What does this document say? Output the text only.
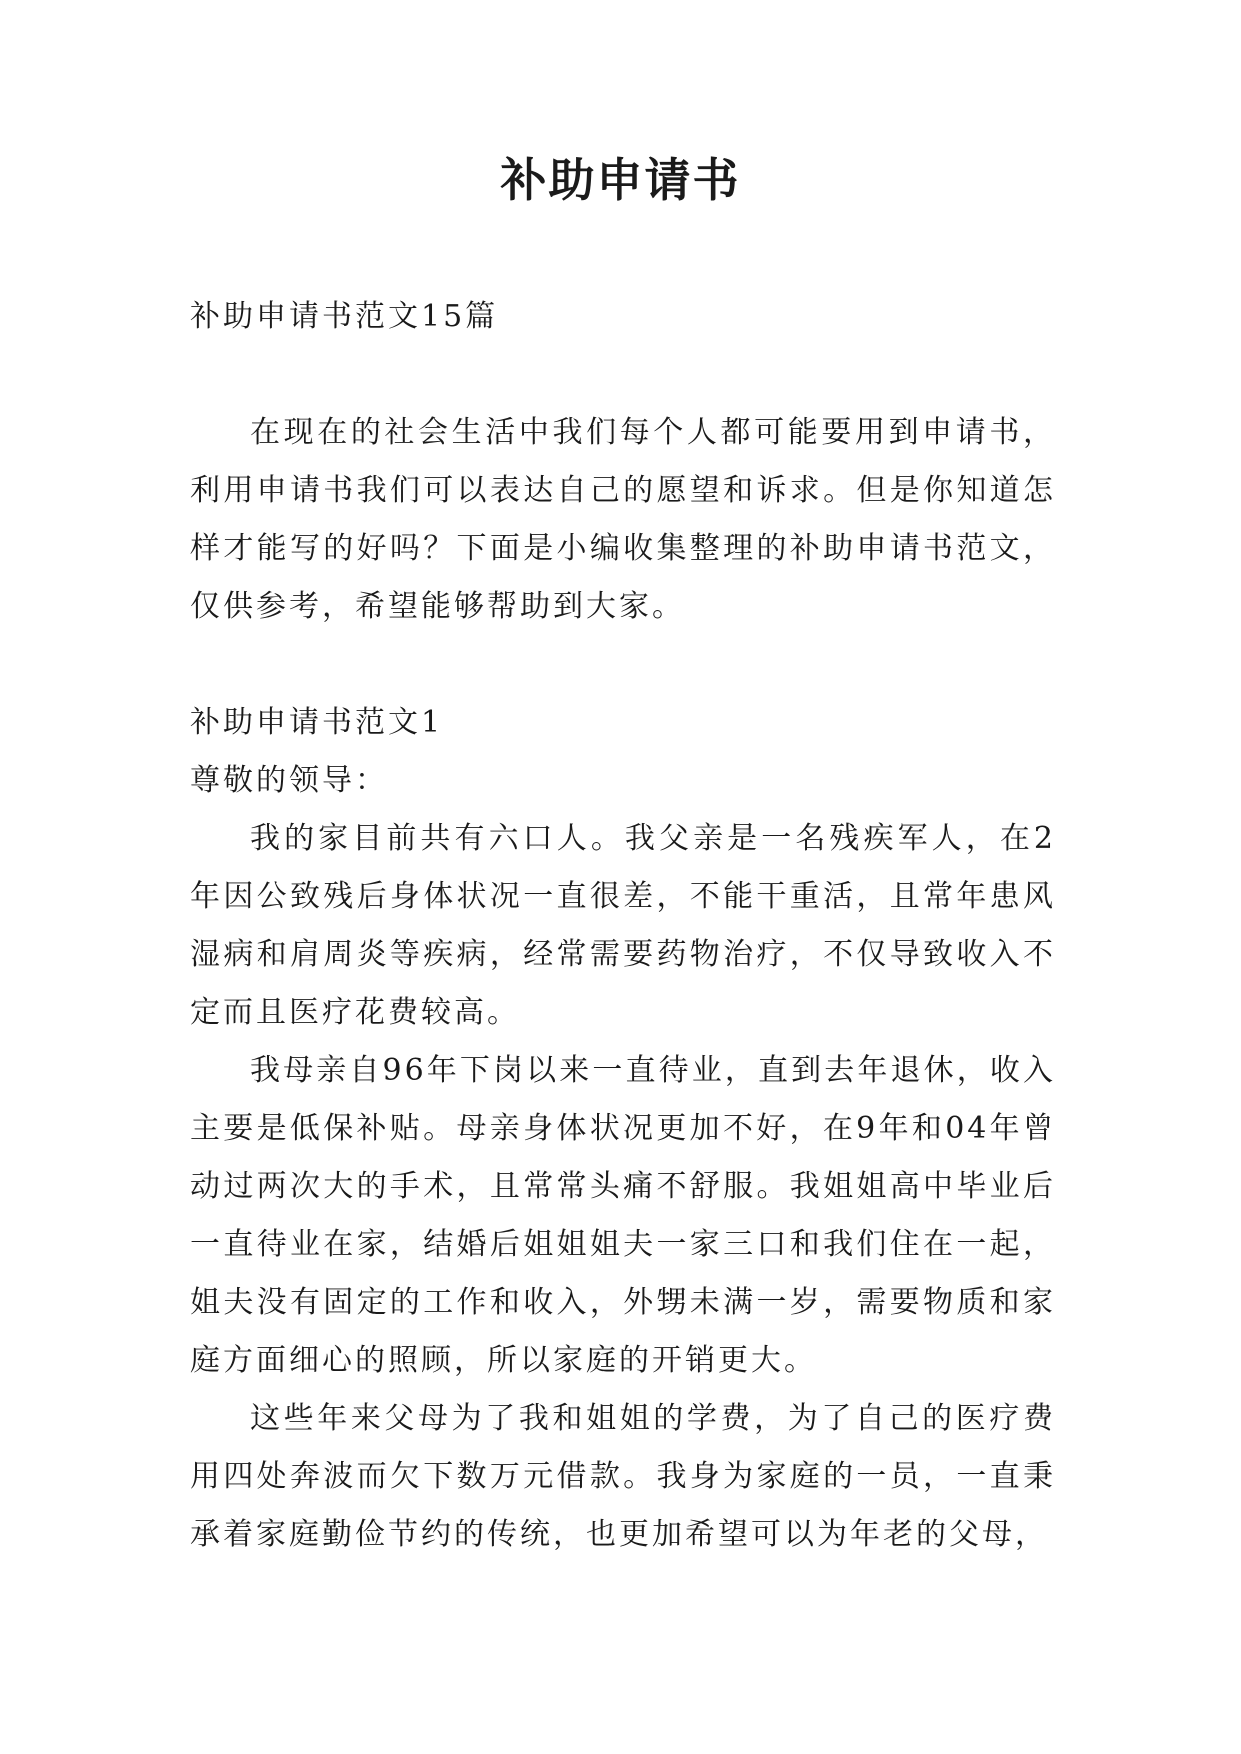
补助申请书

补助申请书范文15篇

在现在的社会生活中我们每个人都可能要用到申请书，利用申请书我们可以表达自己的愿望和诉求。但是你知道怎样才能写的好吗？下面是小编收集整理的补助申请书范文，仅供参考，希望能够帮助到大家。

补助申请书范文1

尊敬的领导：

我的家目前共有六口人。我父亲是一名残疾军人，在2年因公致残后身体状况一直很差，不能干重活，且常年患风湿病和肩周炎等疾病，经常需要药物治疗，不仅导致收入不定而且医疗花费较高。

我母亲自96年下岗以来一直待业，直到去年退休，收入主要是低保补贴。母亲身体状况更加不好，在9年和04年曾动过两次大的手术，且常常头痛不舒服。我姐姐高中毕业后一直待业在家，结婚后姐姐姐夫一家三口和我们住在一起，姐夫没有固定的工作和收入，外甥未满一岁，需要物质和家庭方面细心的照顾，所以家庭的开销更大。

这些年来父母为了我和姐姐的学费，为了自己的医疗费用四处奔波而欠下数万元借款。我身为家庭的一员，一直秉承着家庭勤俭节约的传统，也更加希望可以为年老的父母，
